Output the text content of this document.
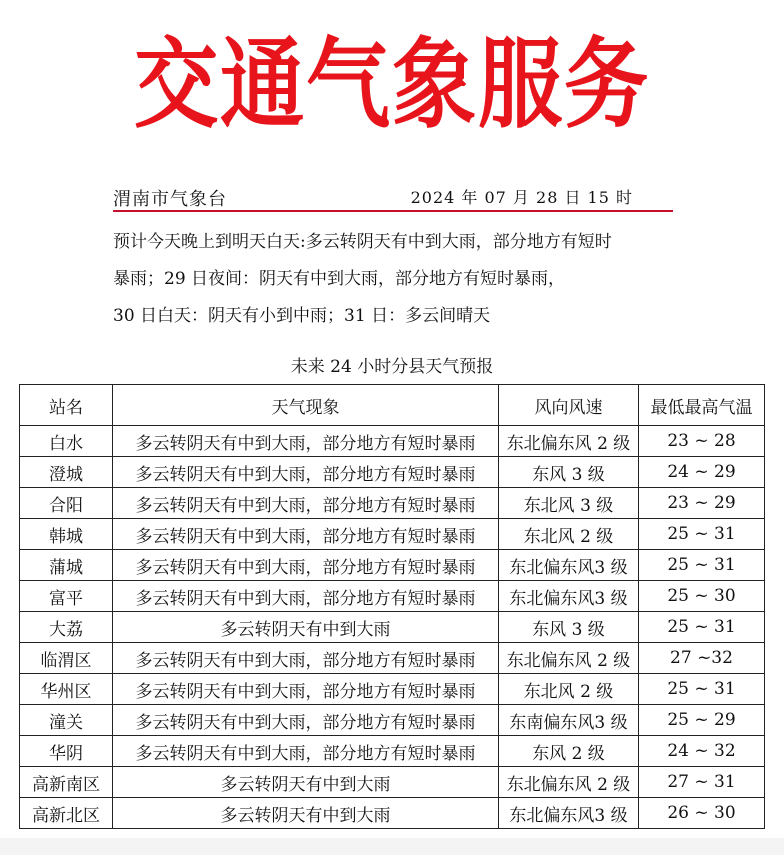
交通气象服务
渭南市气象台	2024 年 07 月 28 日 15 时
预计今天晚上到明天白天:多云转阴天有中到大雨，部分地方有短时
暴雨；29 日夜间：阴天有中到大雨，部分地方有短时暴雨，
30 日白天：阴天有小到中雨；31 日：多云间晴天
未来 24 小时分县天气预报
站名	天气现象	风向风速	最低最高气温
白水	多云转阴天有中到大雨，部分地方有短时暴雨	东北偏东风 2 级	23 ~ 28
澄城	多云转阴天有中到大雨，部分地方有短时暴雨	东风 3 级	24 ~ 29
合阳	多云转阴天有中到大雨，部分地方有短时暴雨	东北风 3 级	23 ~ 29
韩城	多云转阴天有中到大雨，部分地方有短时暴雨	东北风 2 级	25 ~ 31
蒲城	多云转阴天有中到大雨，部分地方有短时暴雨	东北偏东风3 级	25 ~ 31
富平	多云转阴天有中到大雨，部分地方有短时暴雨	东北偏东风3 级	25 ~ 30
大荔	多云转阴天有中到大雨	东风 3 级	25 ~ 31
临渭区	多云转阴天有中到大雨，部分地方有短时暴雨	东北偏东风 2 级	27 ~32
华州区	多云转阴天有中到大雨，部分地方有短时暴雨	东北风 2 级	25 ~ 31
潼关	多云转阴天有中到大雨，部分地方有短时暴雨	东南偏东风3 级	25 ~ 29
华阴	多云转阴天有中到大雨，部分地方有短时暴雨	东风 2 级	24 ~ 32
高新南区	多云转阴天有中到大雨	东北偏东风 2 级	27 ~ 31
高新北区	多云转阴天有中到大雨	东北偏东风3 级	26 ~ 30
